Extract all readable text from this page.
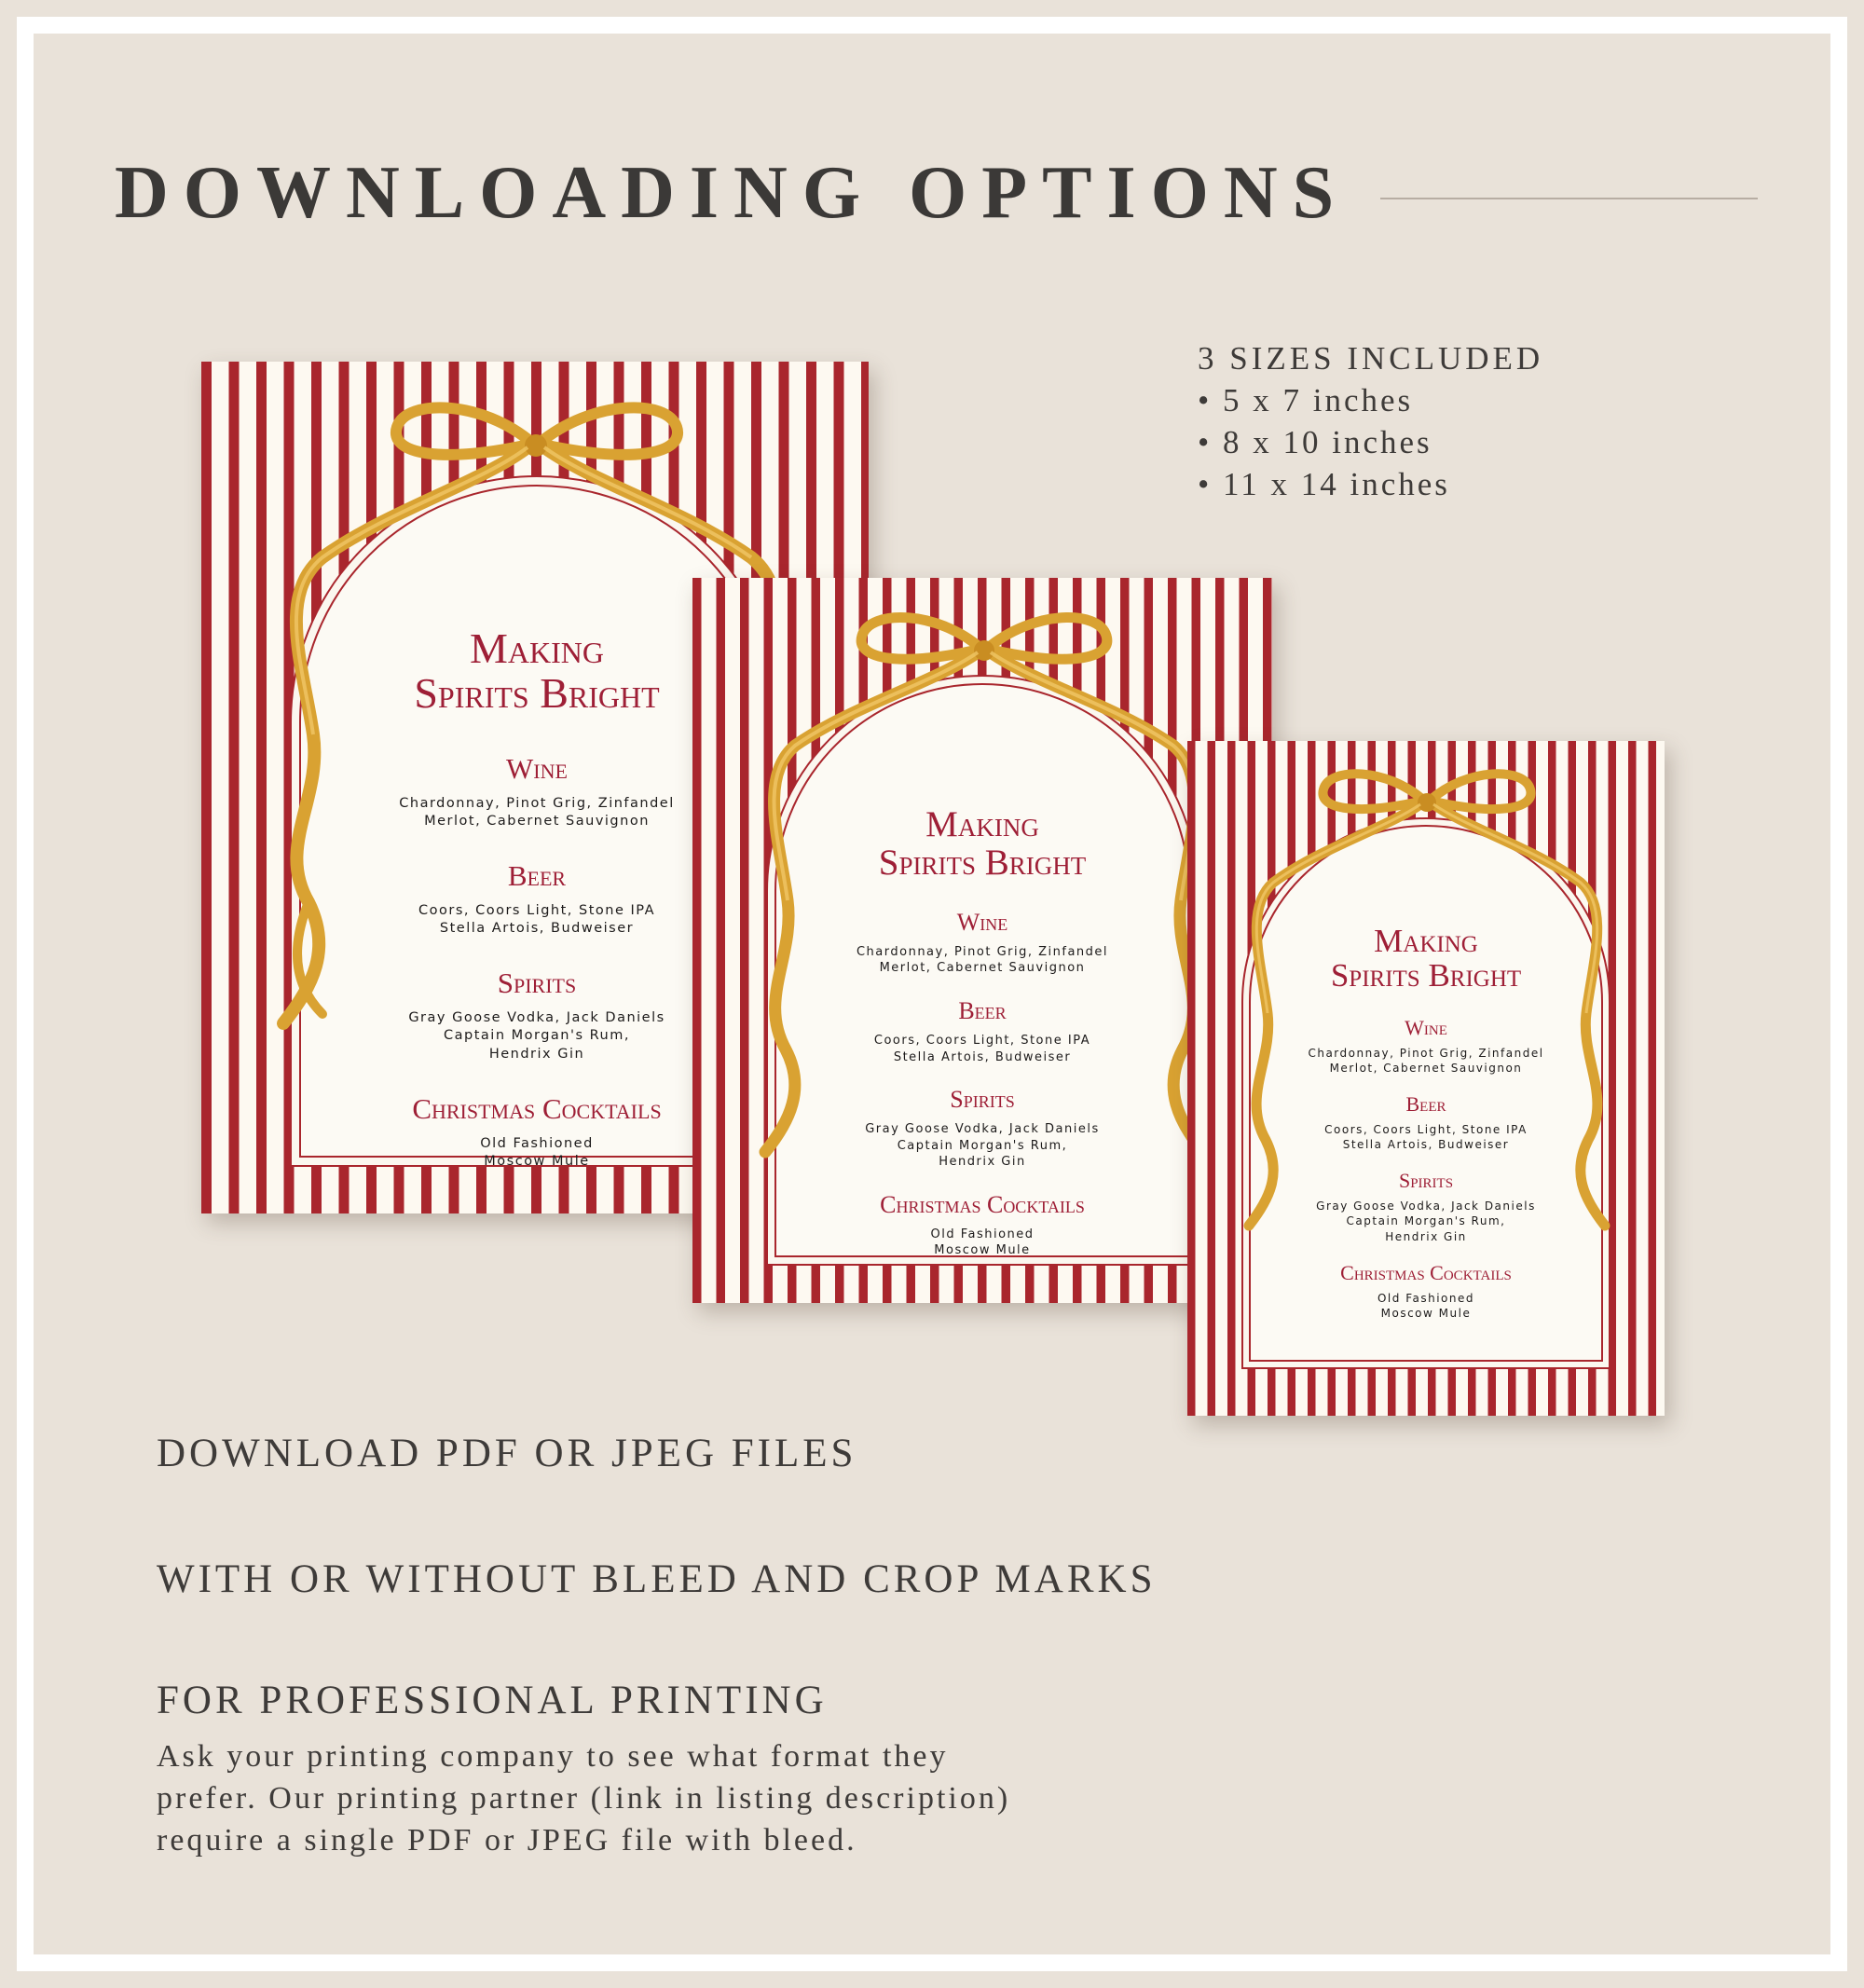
DOWNLOADING OPTIONS
3 SIZES INCLUDED
• 5 x 7 inches
• 8 x 10 inches
• 11 x 14 inches
Making
Spirits Bright
Wine
Chardonnay, Pinot Grig, Zinfandel
Merlot, Cabernet Sauvignon
Beer
Coors, Coors Light, Stone IPA
Stella Artois, Budweiser
Spirits
Gray Goose Vodka, Jack Daniels
Captain Morgan's Rum,
Hendrix Gin
Christmas Cocktails
Old Fashioned
Moscow Mule
Making
Spirits Bright
Wine
Chardonnay, Pinot Grig, Zinfandel
Merlot, Cabernet Sauvignon
Beer
Coors, Coors Light, Stone IPA
Stella Artois, Budweiser
Spirits
Gray Goose Vodka, Jack Daniels
Captain Morgan's Rum,
Hendrix Gin
Christmas Cocktails
Old Fashioned
Moscow Mule
Making
Spirits Bright
Wine
Chardonnay, Pinot Grig, Zinfandel
Merlot, Cabernet Sauvignon
Beer
Coors, Coors Light, Stone IPA
Stella Artois, Budweiser
Spirits
Gray Goose Vodka, Jack Daniels
Captain Morgan's Rum,
Hendrix Gin
Christmas Cocktails
Old Fashioned
Moscow Mule
DOWNLOAD PDF OR JPEG FILES
WITH OR WITHOUT BLEED AND CROP MARKS
FOR PROFESSIONAL PRINTING
Ask your printing company to see what format they
prefer. Our printing partner (link in listing description)
require a single PDF or JPEG file with bleed.
